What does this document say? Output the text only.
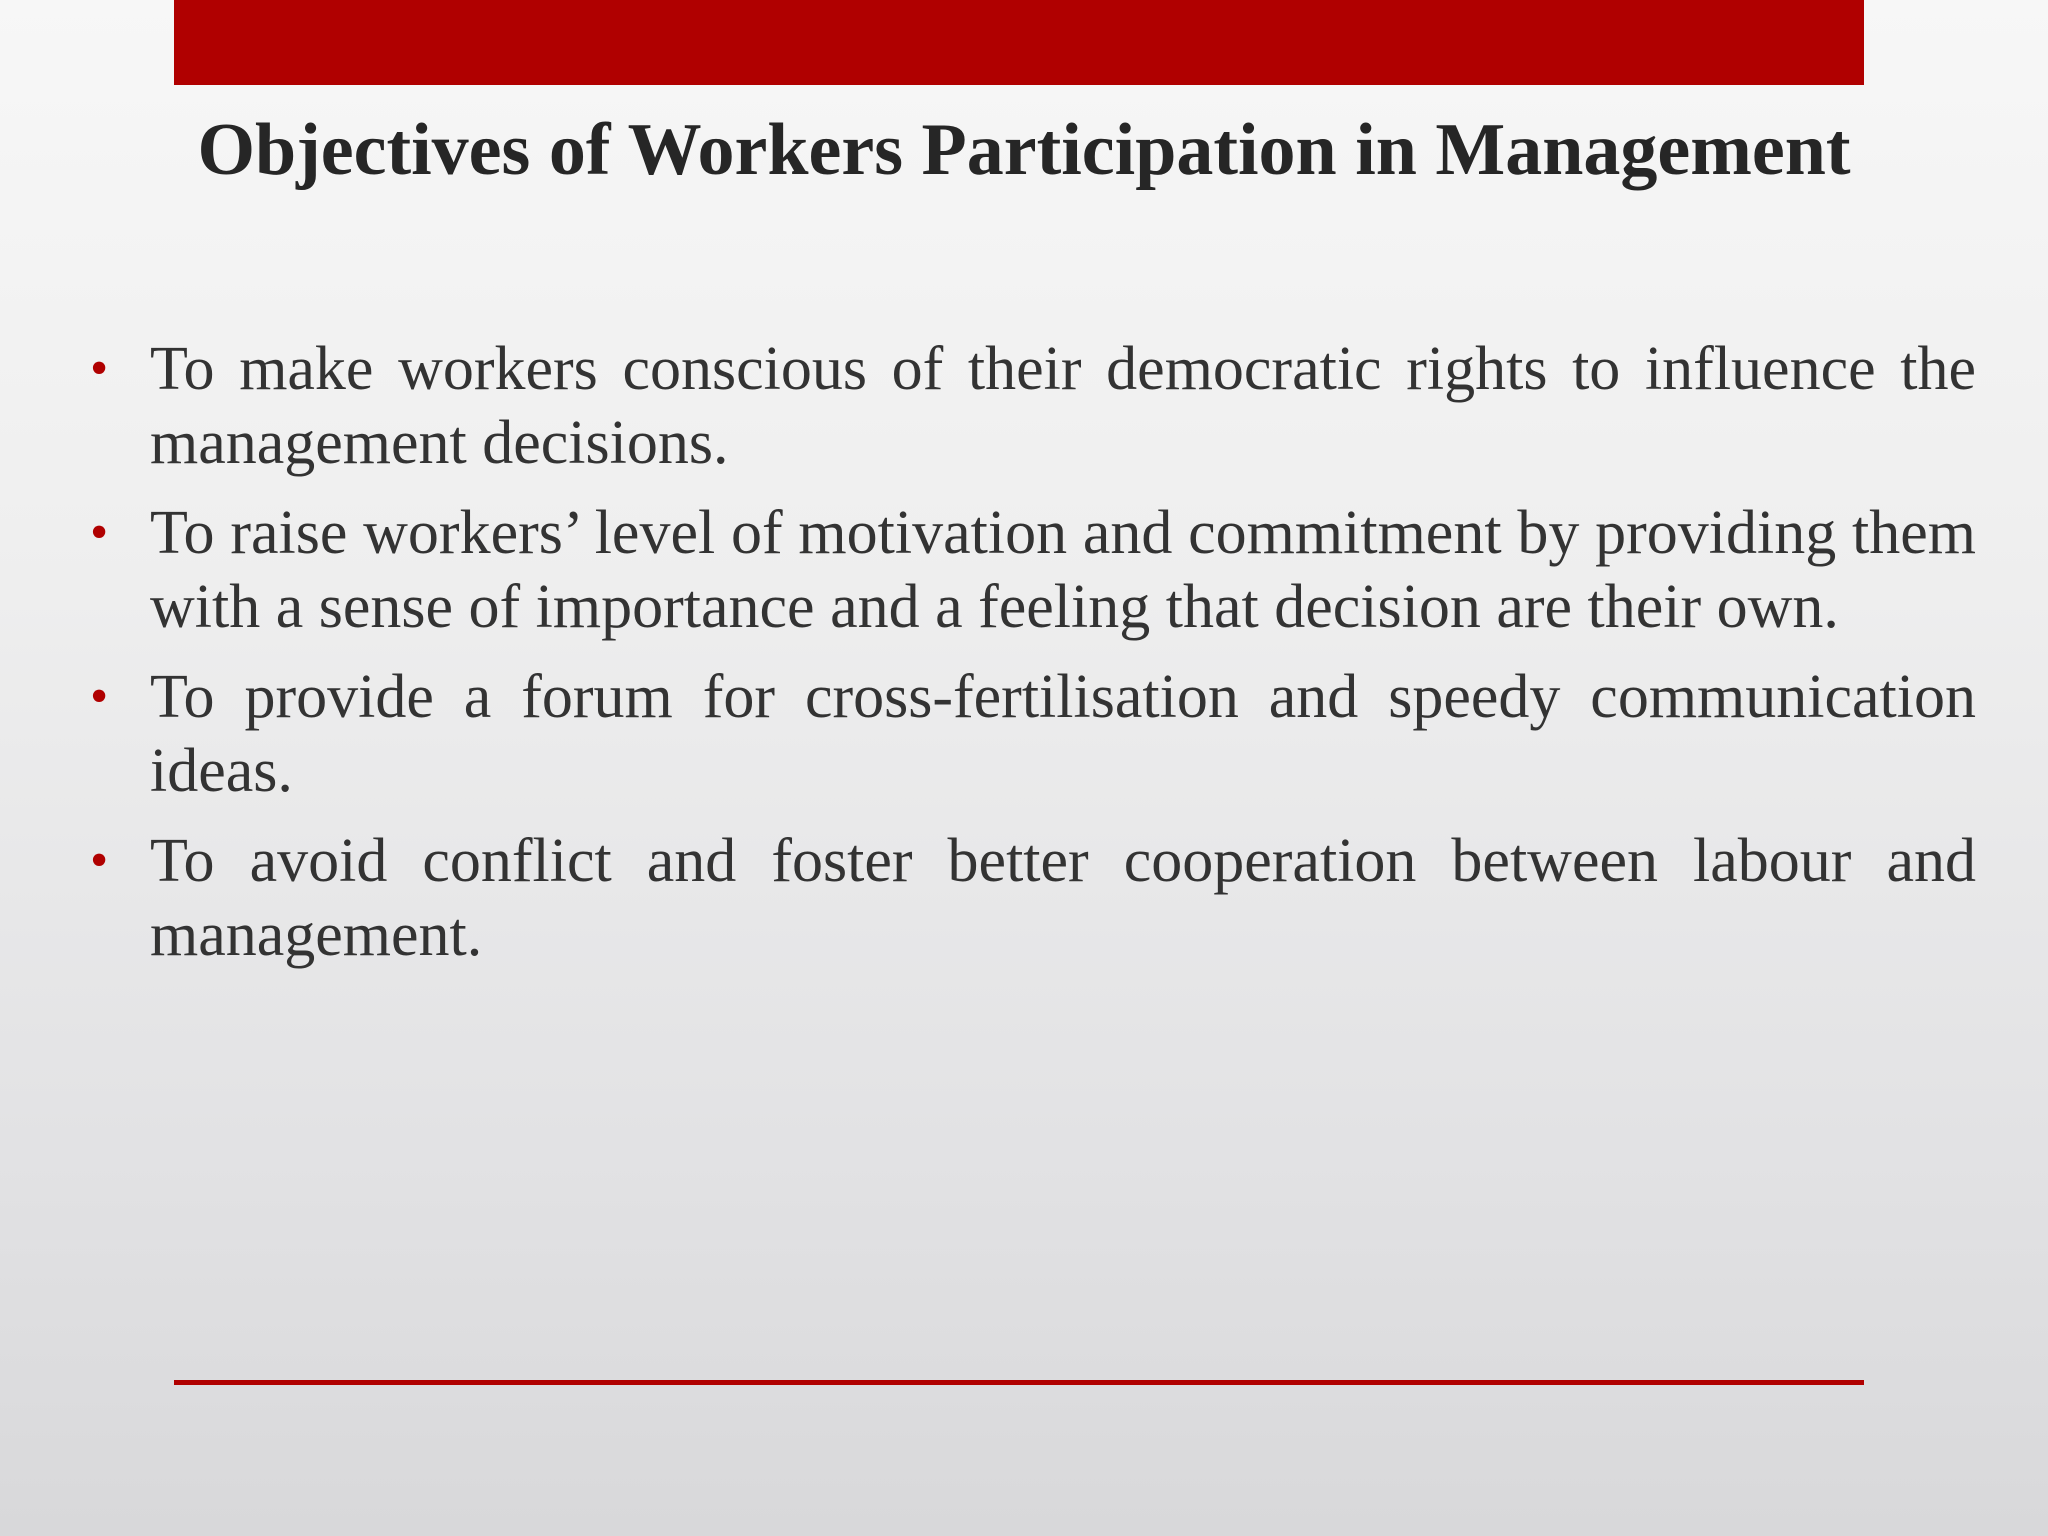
Objectives of Workers Participation in Management
• To make workers conscious of their democratic rights to influence the management decisions.
• To raise workers’ level of motivation and commitment by providing them with a sense of importance and a feeling that decision are their own.
• To provide a forum for cross-fertilisation and speedy communication ideas.
• To avoid conflict and foster better cooperation between labour and management.
